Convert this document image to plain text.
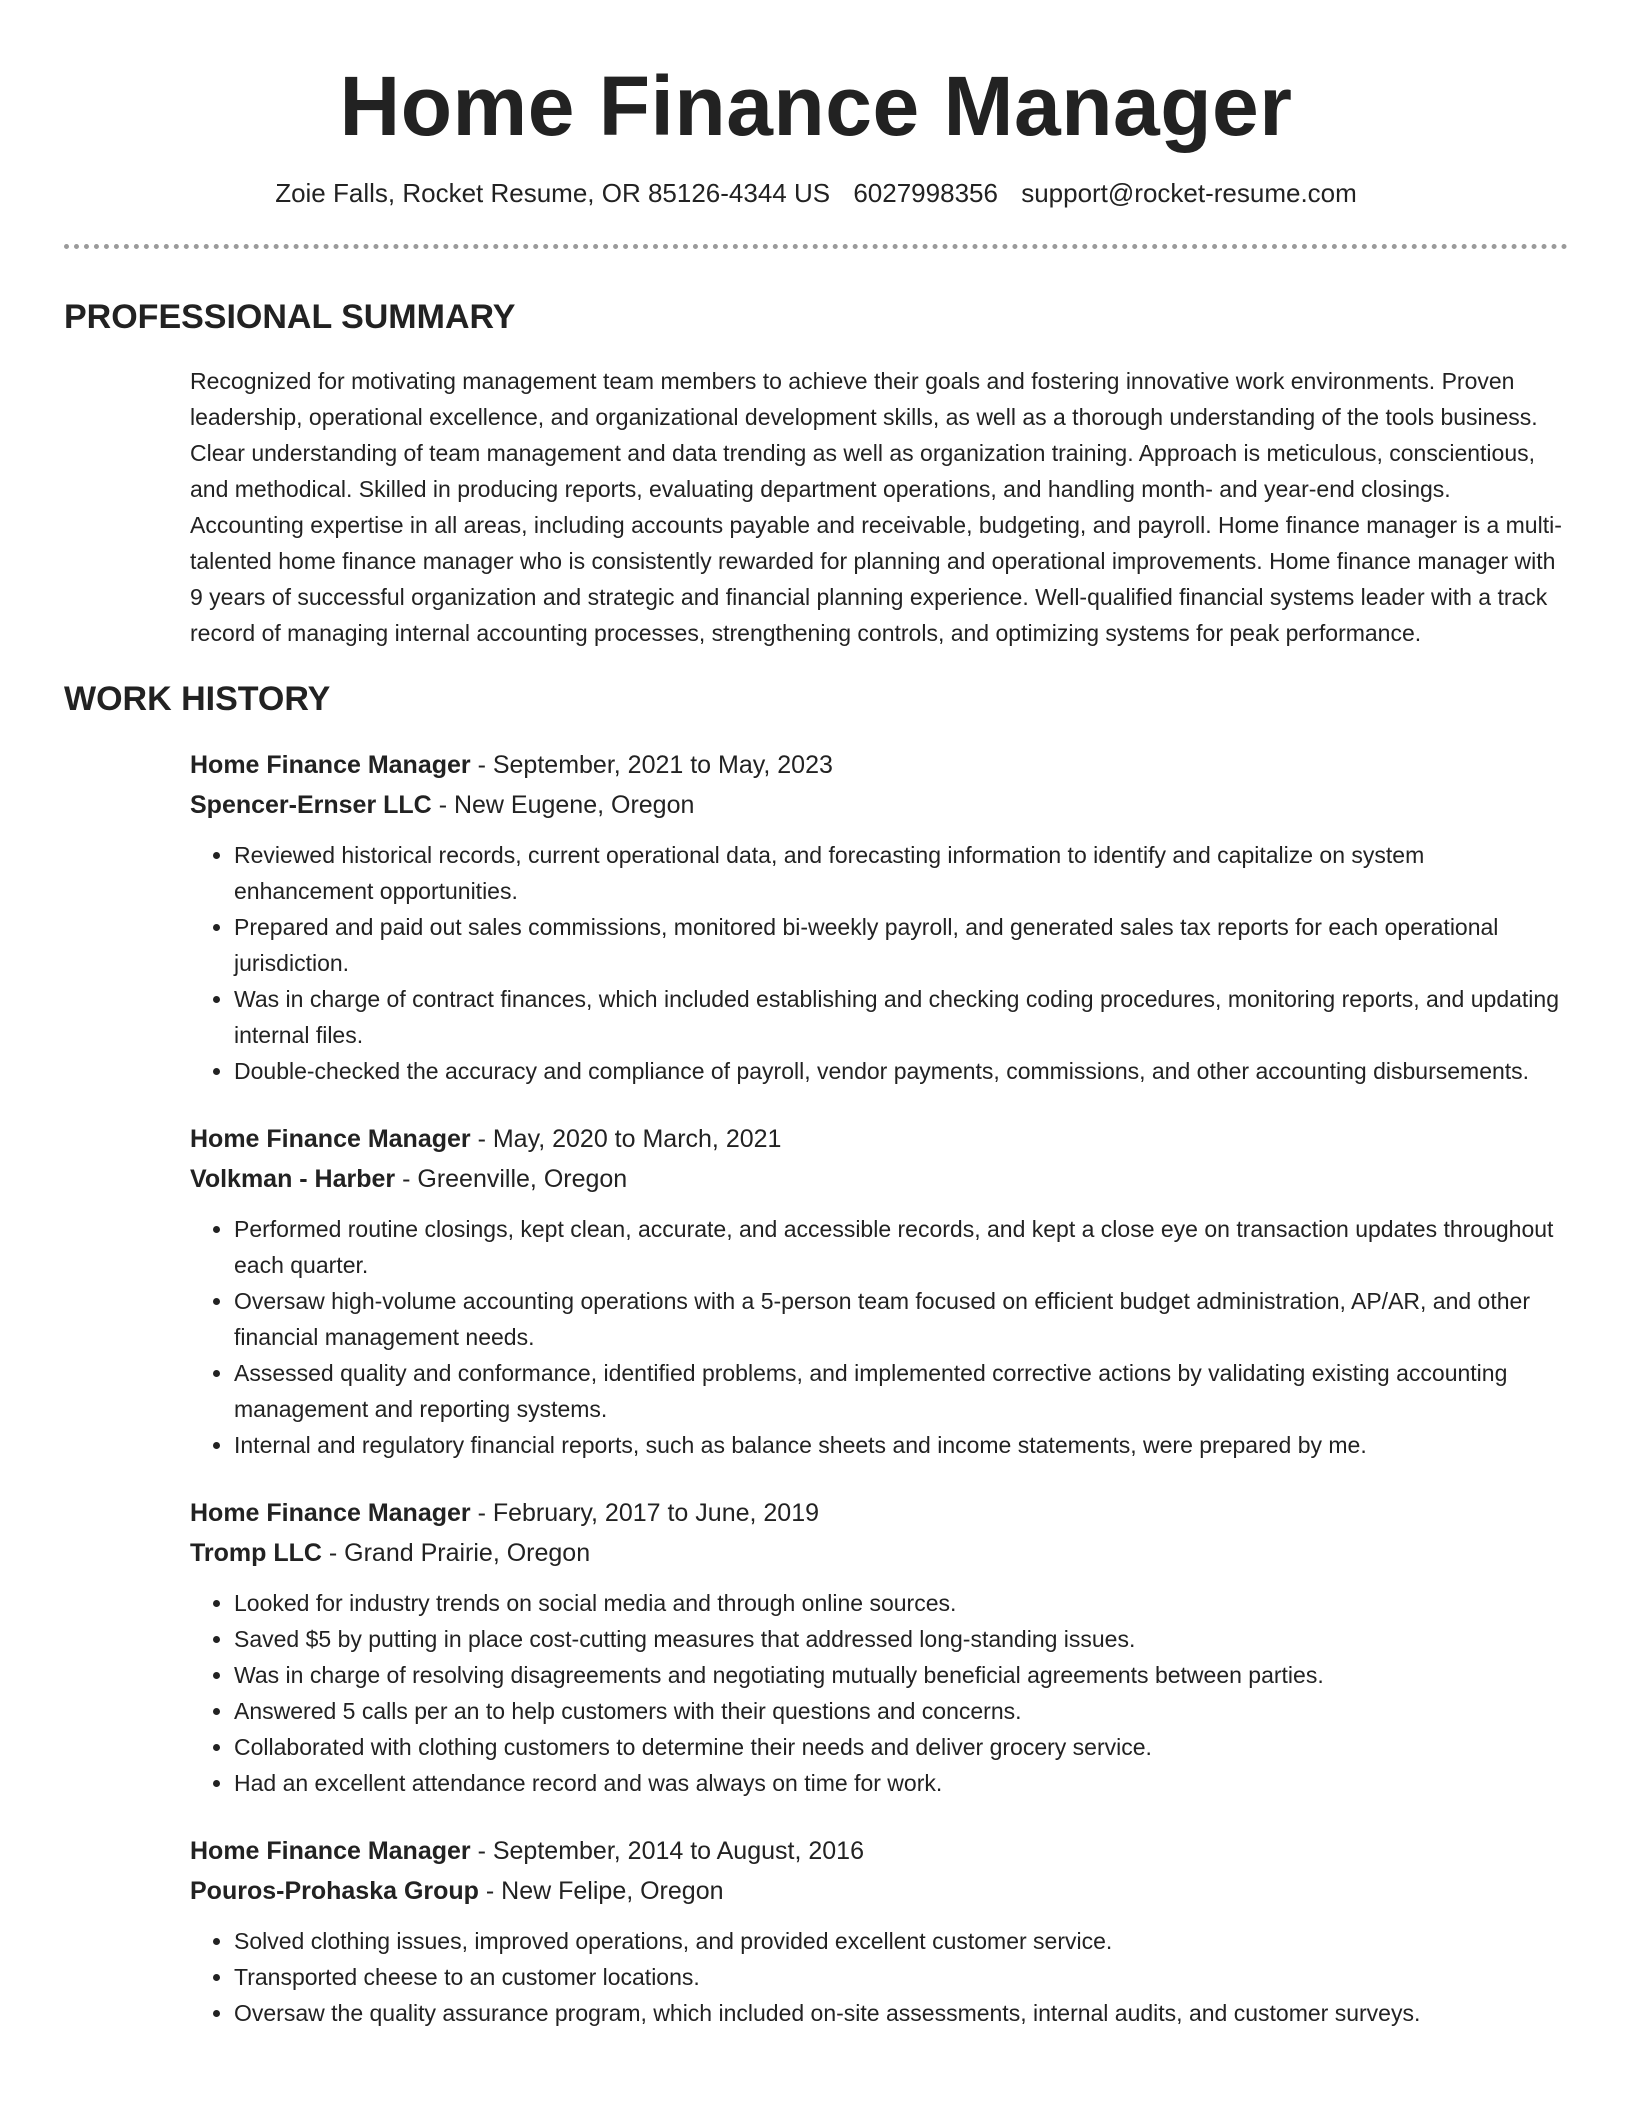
Home Finance Manager
Zoie Falls, Rocket Resume, OR 85126-4344 US 6027998356 support@rocket-resume.com
PROFESSIONAL SUMMARY

Recognized for motivating management team members to achieve their goals and fostering innovative work environments. Proven leadership, operational excellence, and organizational development skills, as well as a thorough understanding of the tools business. Clear understanding of team management and data trending as well as organization training. Approach is meticulous, conscientious, and methodical. Skilled in producing reports, evaluating department operations, and handling month- and year-end closings. Accounting expertise in all areas, including accounts payable and receivable, budgeting, and payroll. Home finance manager is a multi-talented home finance manager who is consistently rewarded for planning and operational improvements. Home finance manager with 9 years of successful organization and strategic and financial planning experience. Well-qualified financial systems leader with a track record of managing internal accounting processes, strengthening controls, and optimizing systems for peak performance.

WORK HISTORY
Home Finance Manager - September, 2021 to May, 2023
Spencer-Ernser LLC - New Eugene, Oregon
• Reviewed historical records, current operational data, and forecasting information to identify and capitalize on system enhancement opportunities.
• Prepared and paid out sales commissions, monitored bi-weekly payroll, and generated sales tax reports for each operational jurisdiction.
• Was in charge of contract finances, which included establishing and checking coding procedures, monitoring reports, and updating internal files.
• Double-checked the accuracy and compliance of payroll, vendor payments, commissions, and other accounting disbursements.
Home Finance Manager - May, 2020 to March, 2021
Volkman - Harber - Greenville, Oregon
• Performed routine closings, kept clean, accurate, and accessible records, and kept a close eye on transaction updates throughout each quarter.
• Oversaw high-volume accounting operations with a 5-person team focused on efficient budget administration, AP/AR, and other financial management needs.
• Assessed quality and conformance, identified problems, and implemented corrective actions by validating existing accounting management and reporting systems.
• Internal and regulatory financial reports, such as balance sheets and income statements, were prepared by me.
Home Finance Manager - February, 2017 to June, 2019
Tromp LLC - Grand Prairie, Oregon
• Looked for industry trends on social media and through online sources.
• Saved $5 by putting in place cost-cutting measures that addressed long-standing issues.
• Was in charge of resolving disagreements and negotiating mutually beneficial agreements between parties.
• Answered 5 calls per an to help customers with their questions and concerns.
• Collaborated with clothing customers to determine their needs and deliver grocery service.
• Had an excellent attendance record and was always on time for work.
Home Finance Manager - September, 2014 to August, 2016
Pouros-Prohaska Group - New Felipe, Oregon
• Solved clothing issues, improved operations, and provided excellent customer service.
• Transported cheese to an customer locations.
• Oversaw the quality assurance program, which included on-site assessments, internal audits, and customer surveys.
